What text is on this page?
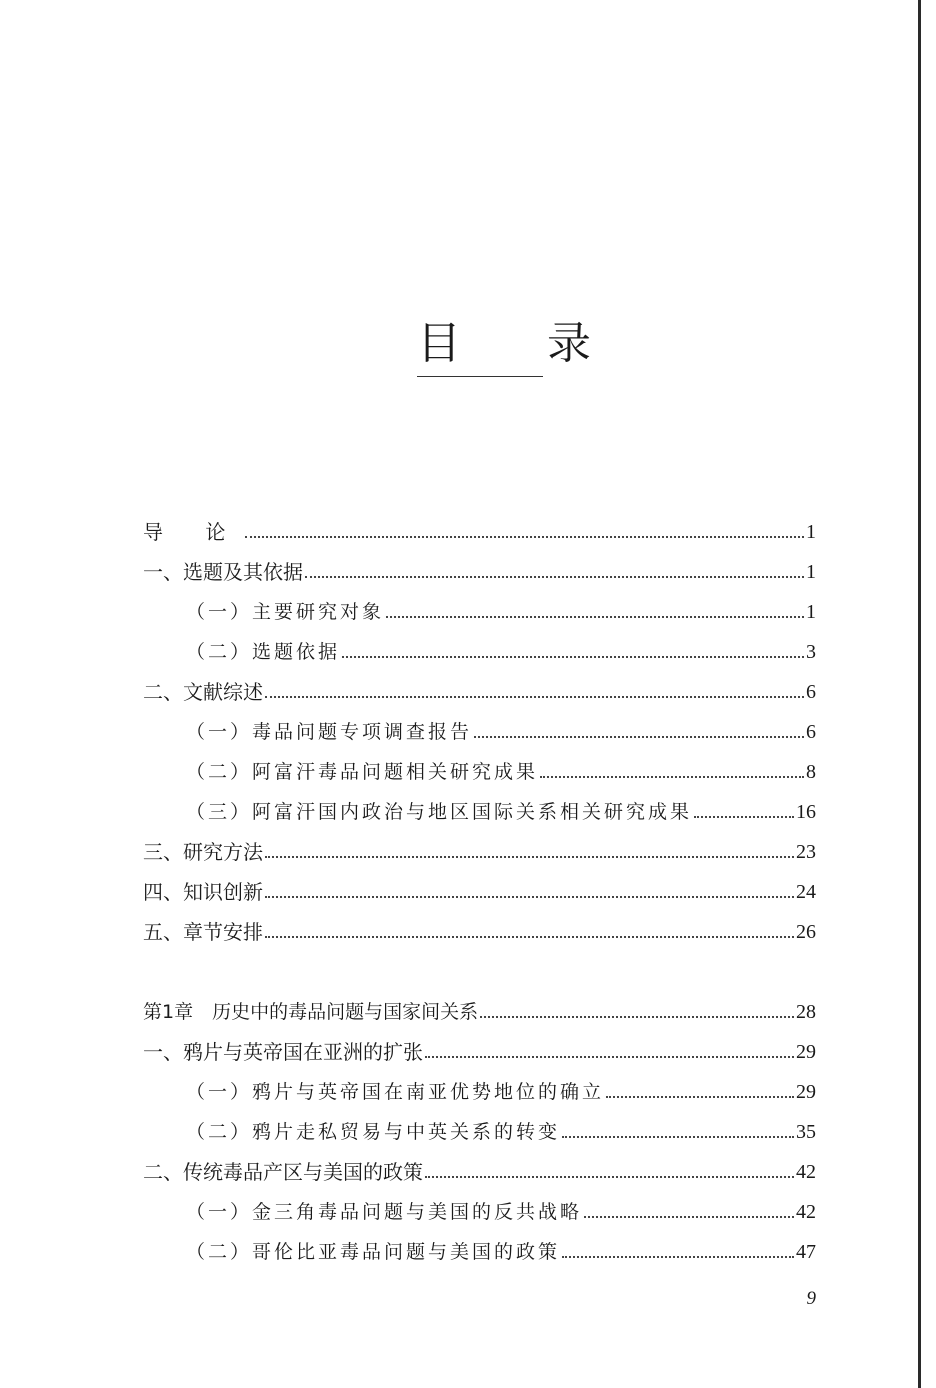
目 录
导 论	1
一、选题及其依据	1
（一）主要研究对象	1
（二）选题依据	3
二、文献综述	6
（一）毒品问题专项调查报告	6
（二）阿富汗毒品问题相关研究成果	8
（三）阿富汗国内政治与地区国际关系相关研究成果	16
三、研究方法	23
四、知识创新	24
五、章节安排	26
第1章　历史中的毒品问题与国家间关系	28
一、鸦片与英帝国在亚洲的扩张	29
（一）鸦片与英帝国在南亚优势地位的确立	29
（二）鸦片走私贸易与中英关系的转变	35
二、传统毒品产区与美国的政策	42
（一）金三角毒品问题与美国的反共战略	42
（二）哥伦比亚毒品问题与美国的政策	47
9
